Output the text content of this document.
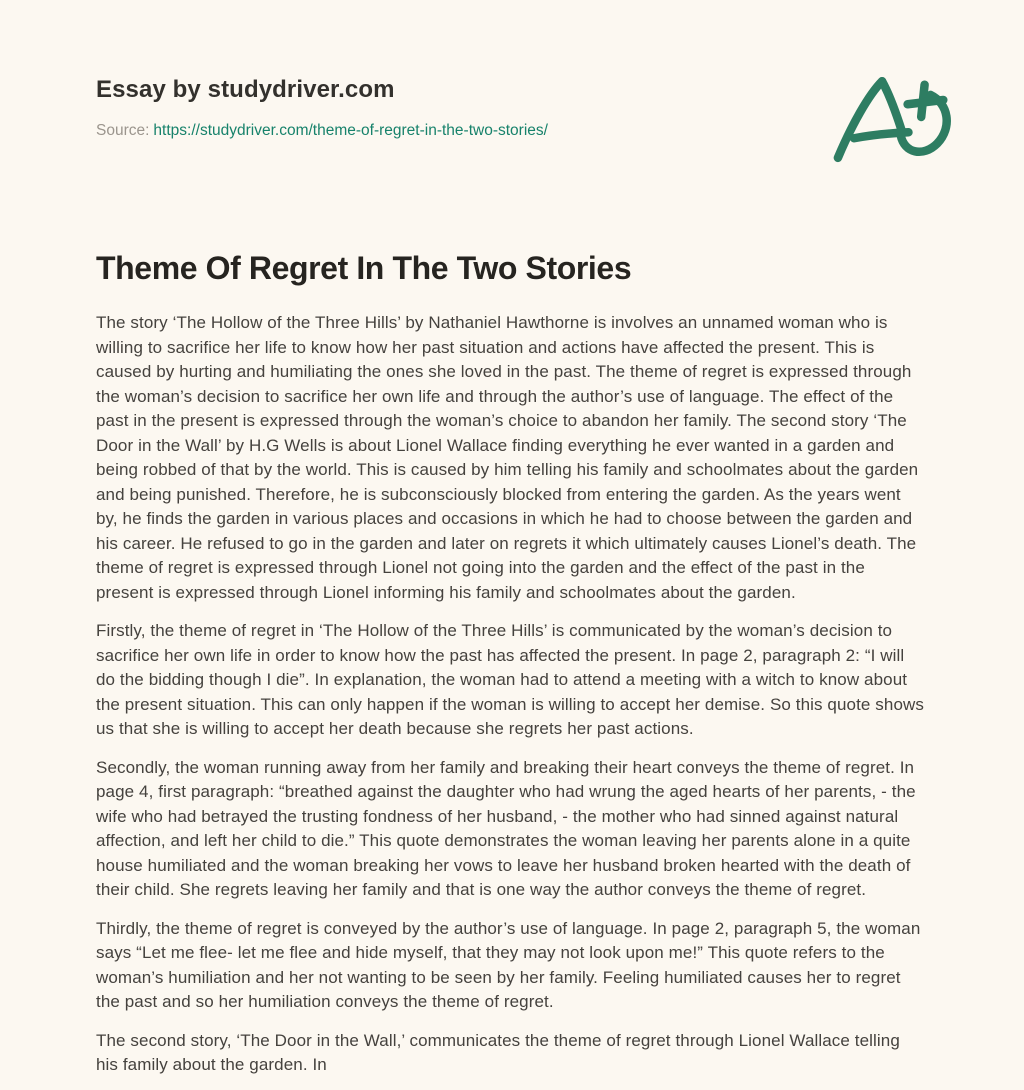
Essay by studydriver.com
Source: https://studydriver.com/theme-of-regret-in-the-two-stories/
Theme Of Regret In The Two Stories

The story ‘The Hollow of the Three Hills’ by Nathaniel Hawthorne is involves an unnamed woman who is willing to sacrifice her life to know how her past situation and actions have affected the present. This is caused by hurting and humiliating the ones she loved in the past. The theme of regret is expressed through the woman’s decision to sacrifice her own life and through the author’s use of language. The effect of the past in the present is expressed through the woman’s choice to abandon her family. The second story ‘The Door in the Wall’ by H.G Wells is about Lionel Wallace finding everything he ever wanted in a garden and being robbed of that by the world. This is caused by him telling his family and schoolmates about the garden and being punished. Therefore, he is subconsciously blocked from entering the garden. As the years went by, he finds the garden in various places and occasions in which he had to choose between the garden and his career. He refused to go in the garden and later on regrets it which ultimately causes Lionel’s death. The theme of regret is expressed through Lionel not going into the garden and the effect of the past in the present is expressed through Lionel informing his family and schoolmates about the garden.

Firstly, the theme of regret in ‘The Hollow of the Three Hills’ is communicated by the woman’s decision to sacrifice her own life in order to know how the past has affected the present. In page 2, paragraph 2: “I will do the bidding though I die”. In explanation, the woman had to attend a meeting with a witch to know about the present situation. This can only happen if the woman is willing to accept her demise. So this quote shows us that she is willing to accept her death because she regrets her past actions.

Secondly, the woman running away from her family and breaking their heart conveys the theme of regret. In page 4, first paragraph: “breathed against the daughter who had wrung the aged hearts of her parents, - the wife who had betrayed the trusting fondness of her husband, - the mother who had sinned against natural affection, and left her child to die.” This quote demonstrates the woman leaving her parents alone in a quite house humiliated and the woman breaking her vows to leave her husband broken hearted with the death of their child. She regrets leaving her family and that is one way the author conveys the theme of regret.

Thirdly, the theme of regret is conveyed by the author’s use of language. In page 2, paragraph 5, the woman says “Let me flee- let me flee and hide myself, that they may not look upon me!” This quote refers to the woman’s humiliation and her not wanting to be seen by her family. Feeling humiliated causes her to regret the past and so her humiliation conveys the theme of regret.

The second story, ‘The Door in the Wall,’ communicates the theme of regret through Lionel Wallace telling his family about the garden. In
